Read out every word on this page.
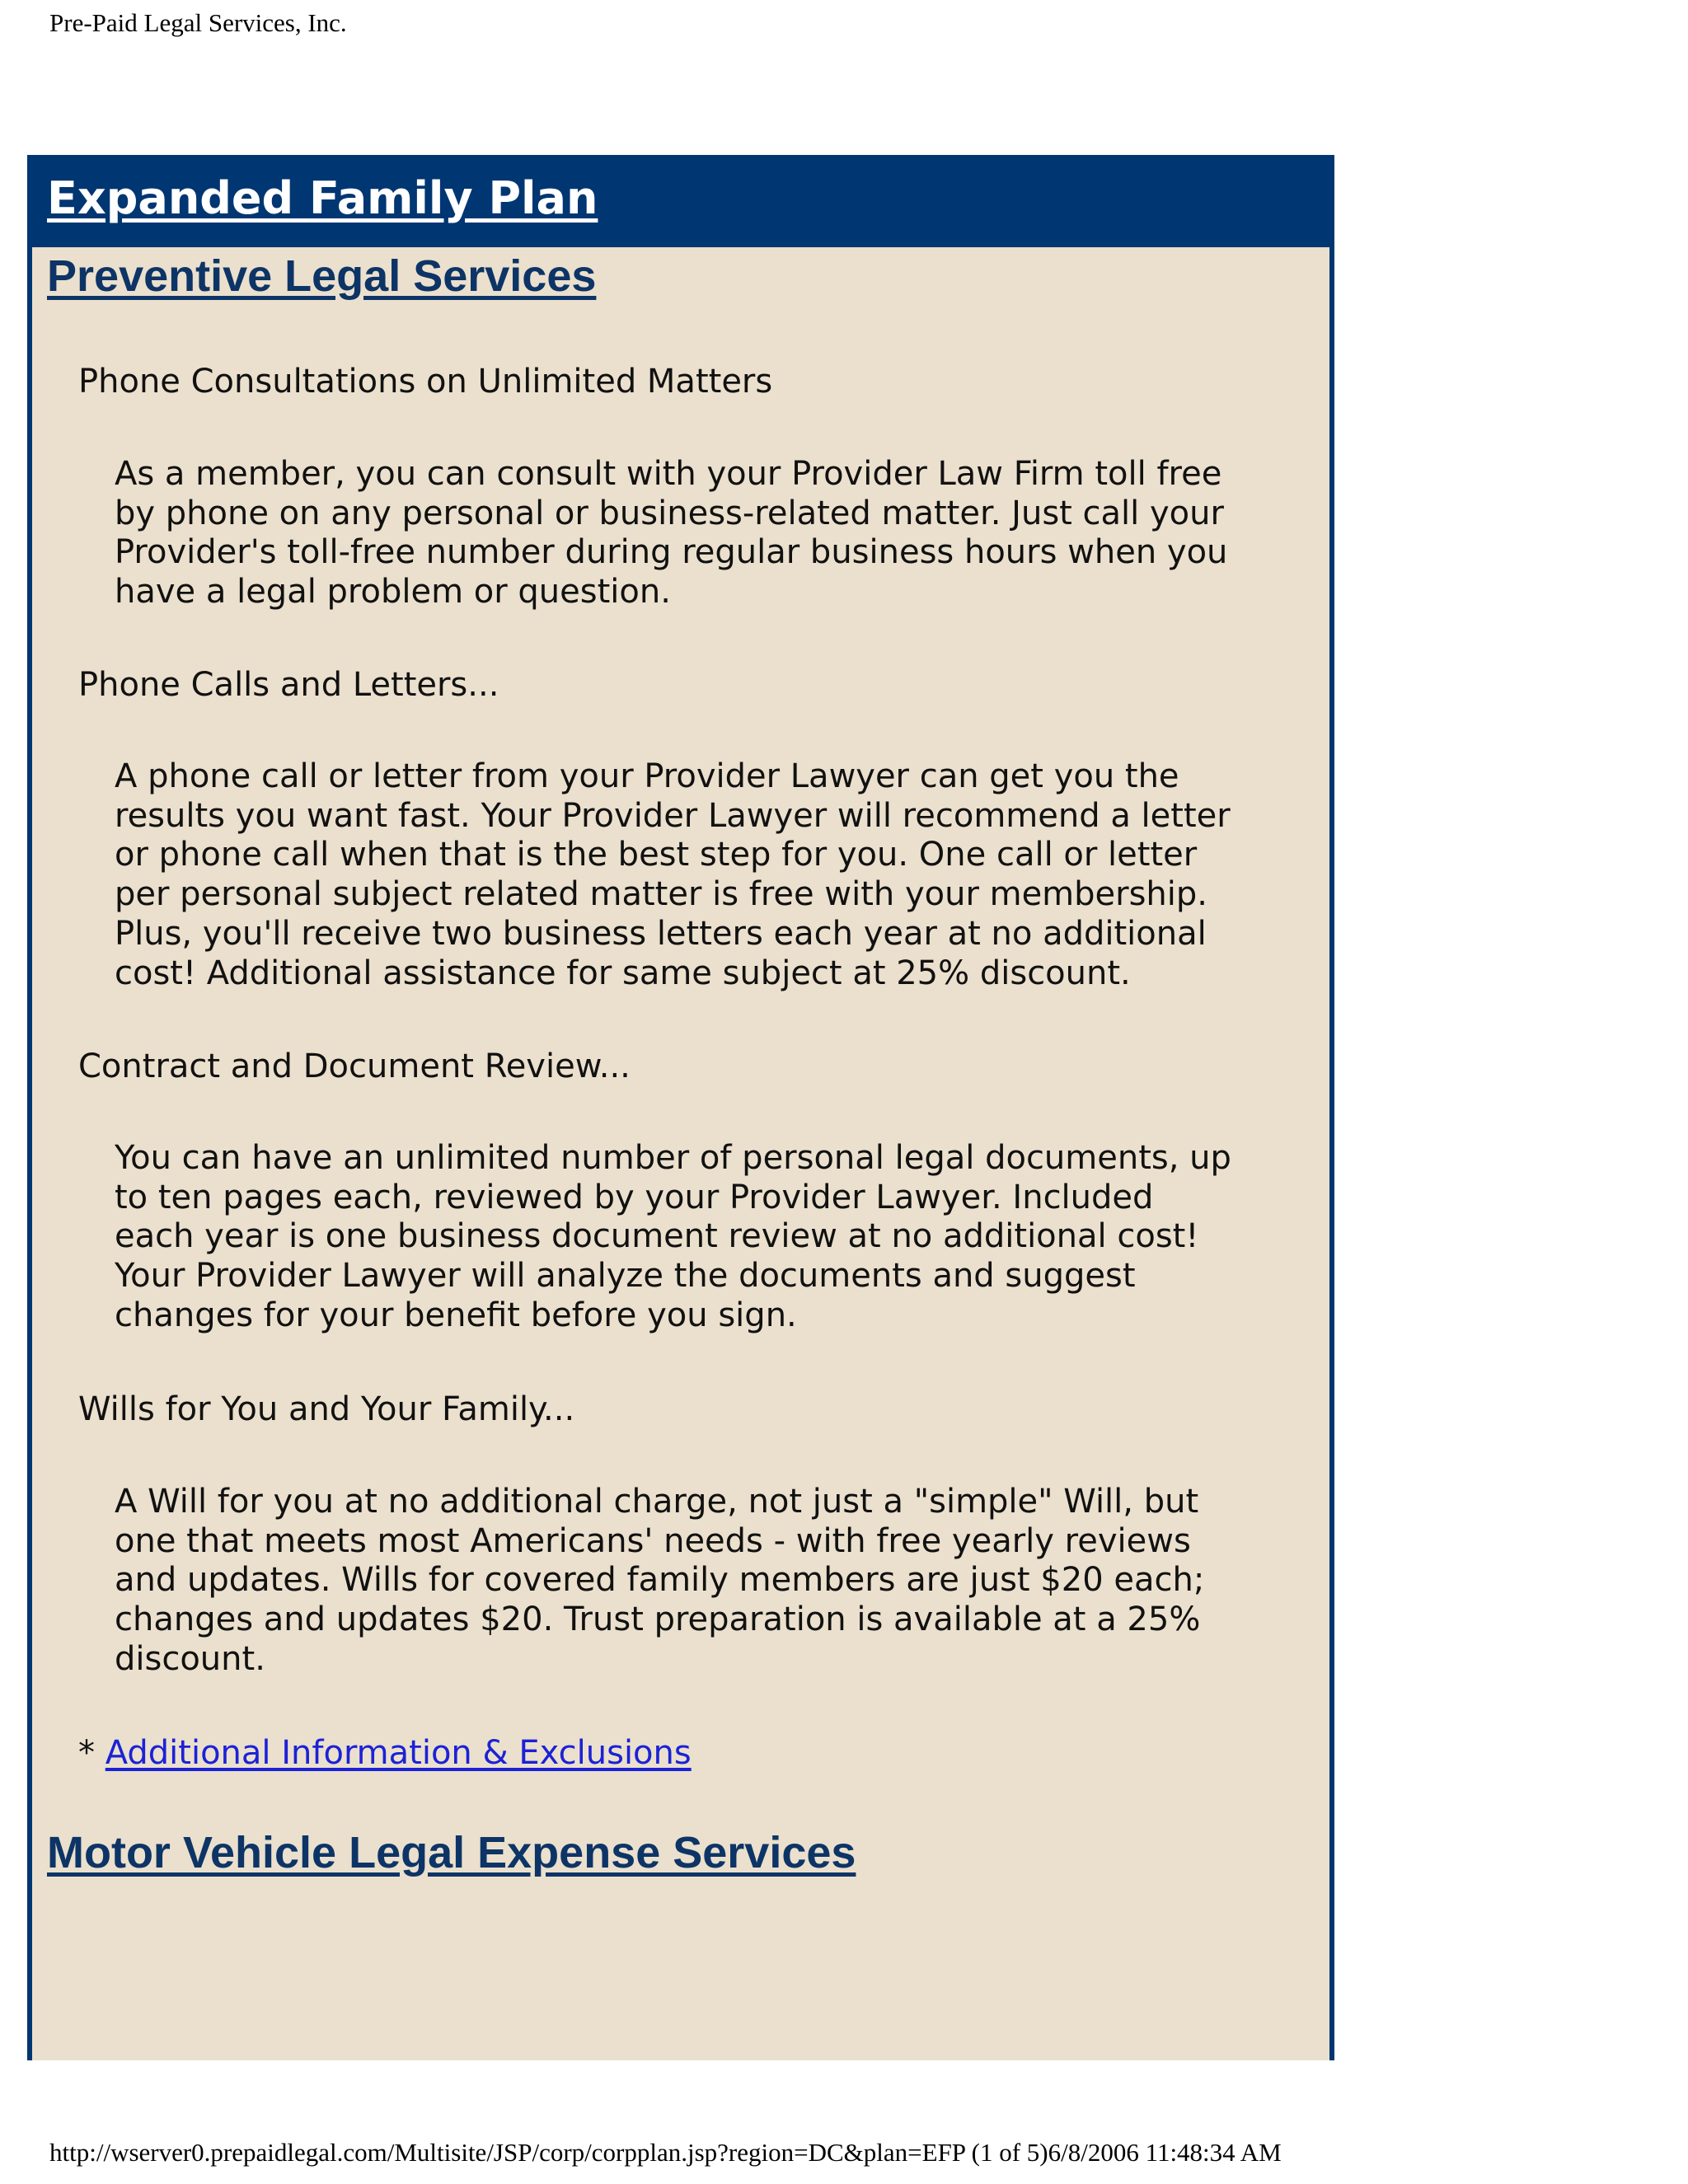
Pre-Paid Legal Services, Inc.
Expanded Family Plan
Preventive Legal Services
Phone Consultations on Unlimited Matters
As a member, you can consult with your Provider Law Firm toll free
by phone on any personal or business-related matter. Just call your
Provider's toll-free number during regular business hours when you
have a legal problem or question.
Phone Calls and Letters...
A phone call or letter from your Provider Lawyer can get you the
results you want fast. Your Provider Lawyer will recommend a letter
or phone call when that is the best step for you. One call or letter
per personal subject related matter is free with your membership.
Plus, you'll receive two business letters each year at no additional
cost! Additional assistance for same subject at 25% discount.
Contract and Document Review...
You can have an unlimited number of personal legal documents, up
to ten pages each, reviewed by your Provider Lawyer. Included
each year is one business document review at no additional cost!
Your Provider Lawyer will analyze the documents and suggest
changes for your benefit before you sign.
Wills for You and Your Family...
A Will for you at no additional charge, not just a "simple" Will, but
one that meets most Americans' needs - with free yearly reviews
and updates. Wills for covered family members are just $20 each;
changes and updates $20. Trust preparation is available at a 25%
discount.
* Additional Information & Exclusions
Motor Vehicle Legal Expense Services
http://wserver0.prepaidlegal.com/Multisite/JSP/corp/corpplan.jsp?region=DC&plan=EFP (1 of 5)6/8/2006 11:48:34 AM
